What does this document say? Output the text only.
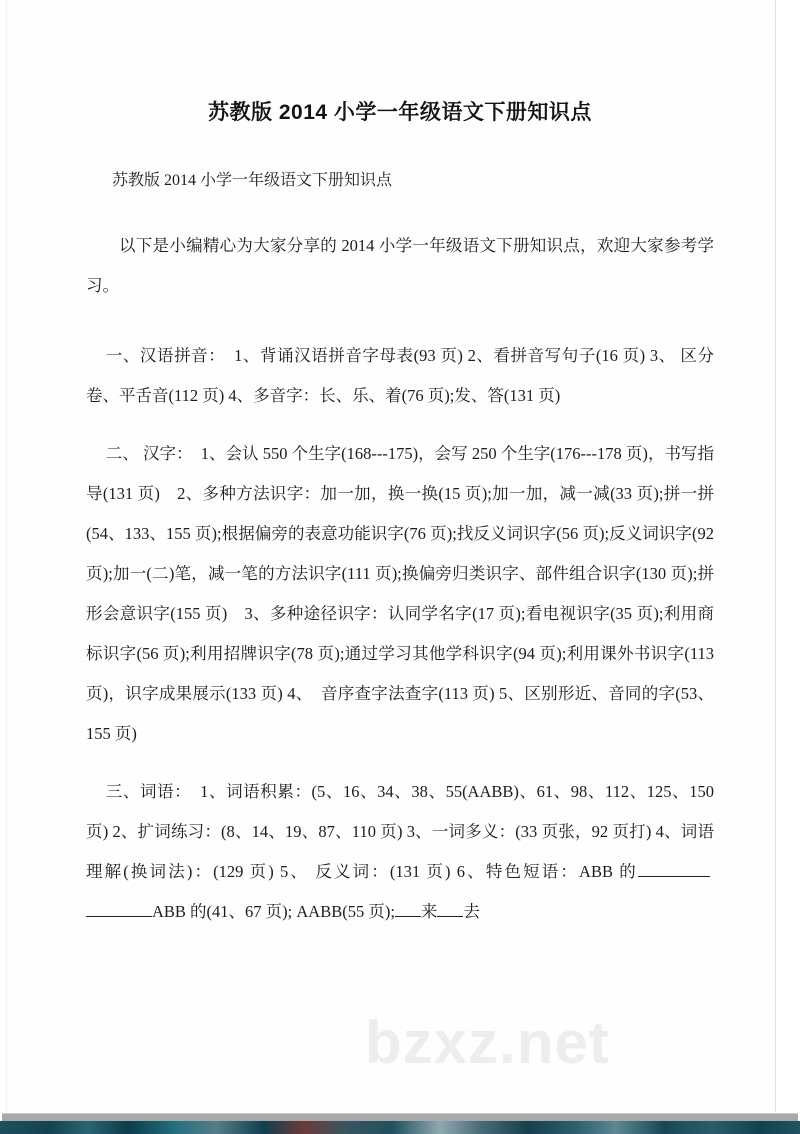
苏教版 2014 小学一年级语文下册知识点
苏教版 2014 小学一年级语文下册知识点

以下是小编精心为大家分享的 2014 小学一年级语文下册知识点，欢迎大家参考学习。

一、汉语拼音：　1、背诵汉语拼音字母表(93 页) 2、看拼音写句子(16 页) 3、 区分卷、平舌音(112 页) 4、多音字：长、乐、着(76 页);发、答(131 页)

二、 汉字：　1、会认 550 个生字(168---175)，会写 250 个生字(176---178 页)，书写指导(131 页)　2、多种方法识字：加一加，换一换(15 页);加一加，减一减(33 页);拼一拼(54、133、155 页);根据偏旁的表意功能识字(76 页);找反义词识字(56 页);反义词识字(92 页);加一(二)笔，减一笔的方法识字(111 页);换偏旁归类识字、部件组合识字(130 页);拼形会意识字(155 页)　3、多种途径识字：认同学名字(17 页);看电视识字(35 页);利用商标识字(56 页);利用招牌识字(78 页);通过学习其他学科识字(94 页);利用课外书识字(113 页)，识字成果展示(133 页) 4、　音序查字法查字(113 页) 5、区别形近、音同的字(53、155 页)

三、词语：　1、词语积累：(5、16、34、38、55(AABB)、61、98、112、125、150 页) 2、扩词练习：(8、14、19、87、110 页) 3、一词多义：(33 页张，92 页打) 4、词语理解(换词法)：(129 页) 5、 反义词：(131 页) 6、特色短语：ABB 的 ABB 的(41、67 页); AABB(55 页); 来 去

bzxz.net
